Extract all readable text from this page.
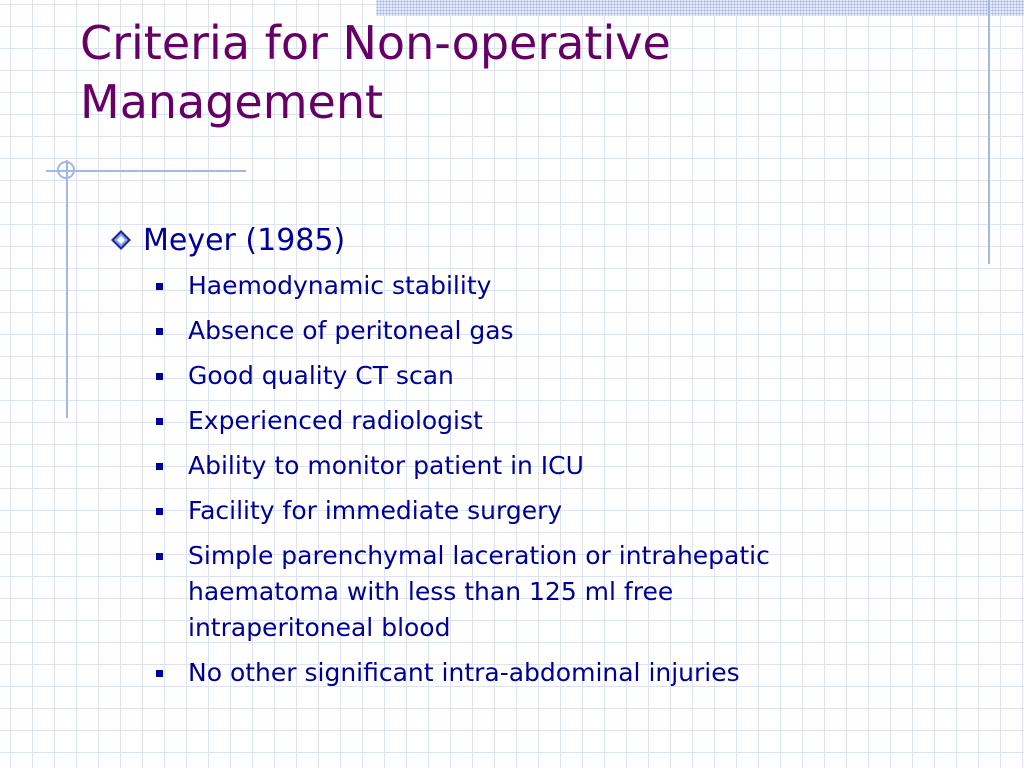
Criteria for Non-operative
Management
Meyer (1985)
Haemodynamic stability
Absence of peritoneal gas
Good quality CT scan
Experienced radiologist
Ability to monitor patient in ICU
Facility for immediate surgery
Simple parenchymal laceration or intrahepatic
haematoma with less than 125 ml free
intraperitoneal blood
No other significant intra-abdominal injuries
